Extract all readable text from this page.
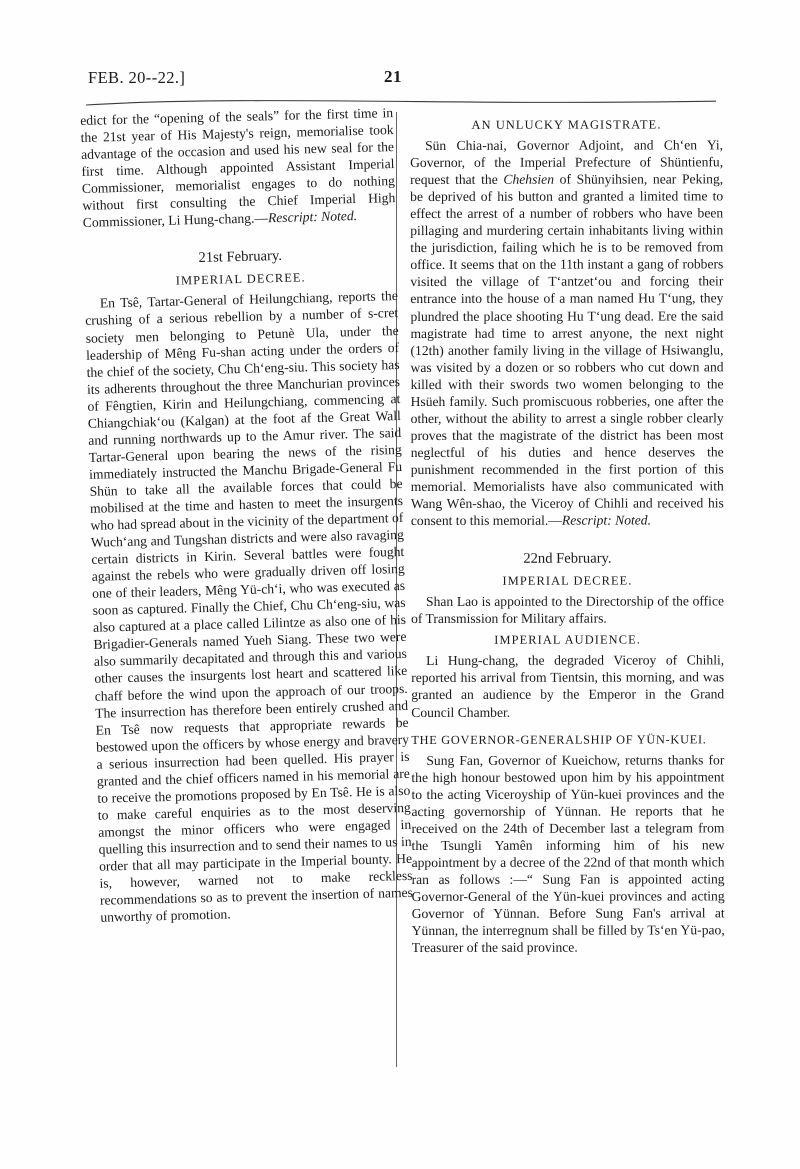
FEB. 20--22.]	21

edict for the “opening of the seals” for the first time in the 21st year of His Majesty's reign, memorialise took advantage of the occasion and used his new seal for the first time. Although appointed Assistant Imperial Commissioner, memorialist engages to do nothing without first consulting the Chief Imperial High Commissioner, Li Hung-chang.—Rescript: Noted.

21st February.

IMPERIAL DECREE.

En Tsê, Tartar-General of Heilungchiang, reports the crushing of a serious rebellion by a number of s-cret society men belonging to Petunè Ula, under the leadership of Mêng Fu-shan acting under the orders of the chief of the society, Chu Ch‘eng-siu. This society has its adherents throughout the three Manchurian provinces of Fêngtien, Kirin and Heilungchiang, commencing at Chiangchiak‘ou (Kalgan) at the foot af the Great Wall and running northwards up to the Amur river. The said Tartar-General upon bearing the news of the rising immediately instructed the Manchu Brigade-General Fu Shün to take all the available forces that could be mobilised at the time and hasten to meet the insurgents who had spread about in the vicinity of the department of Wuch‘ang and Tungshan districts and were also ravaging certain districts in Kirin. Several battles were fought against the rebels who were gradually driven off losing one of their leaders, Mêng Yü-ch‘i, who was executed as soon as captured. Finally the Chief, Chu Ch‘eng-siu, was also captured at a place called Lilintze as also one of his Brigadier-Generals named Yueh Siang. These two were also summarily decapitated and through this and various other causes the insurgents lost heart and scattered like chaff before the wind upon the approach of our troops. The insurrection has therefore been entirely crushed and En Tsê now requests that appropriate rewards be bestowed upon the officers by whose energy and bravery a serious insurrection had been quelled. His prayer is granted and the chief officers named in his memorial are to receive the promotions proposed by En Tsê. He is also to make careful enquiries as to the most deserving amongst the minor officers who were engaged in quelling this insurrection and to send their names to us in order that all may participate in the Imperial bounty. He is, however, warned not to make reckless recommendations so as to prevent the insertion of names unworthy of promotion.

AN UNLUCKY MAGISTRATE.

Sün Chia-nai, Governor Adjoint, and Ch‘en Yi, Governor, of the Imperial Prefecture of Shüntienfu, request that the Chehsien of Shünyihsien, near Peking, be deprived of his button and granted a limited time to effect the arrest of a number of robbers who have been pillaging and murdering certain inhabitants living within the jurisdiction, failing which he is to be removed from office. It seems that on the 11th instant a gang of robbers visited the village of T‘antzet‘ou and forcing their entrance into the house of a man named Hu T‘ung, they plundred the place shooting Hu T‘ung dead. Ere the said magistrate had time to arrest anyone, the next night (12th) another family living in the village of Hsiwanglu, was visited by a dozen or so robbers who cut down and killed with their swords two women belonging to the Hsüeh family. Such promiscuous robberies, one after the other, without the ability to arrest a single robber clearly proves that the magistrate of the district has been most neglectful of his duties and hence deserves the punishment recommended in the first portion of this memorial. Memorialists have also communicated with Wang Wên-shao, the Viceroy of Chihli and received his consent to this memorial.—Rescript: Noted.

22nd February.

IMPERIAL DECREE.

Shan Lao is appointed to the Directorship of the office of Transmission for Military affairs.

IMPERIAL AUDIENCE.

Li Hung-chang, the degraded Viceroy of Chihli, reported his arrival from Tientsin, this morning, and was granted an audience by the Emperor in the Grand Council Chamber.

THE GOVERNOR-GENERALSHIP OF YÜN-KUEI.

Sung Fan, Governor of Kueichow, returns thanks for the high honour bestowed upon him by his appointment to the acting Viceroyship of Yün-kuei provinces and the acting governorship of Yünnan. He reports that he received on the 24th of December last a telegram from the Tsungli Yamên informing him of his new appointment by a decree of the 22nd of that month which ran as follows :—“ Sung Fan is appointed acting Governor-General of the Yün-kuei provinces and acting Governor of Yünnan. Before Sung Fan's arrival at Yünnan, the interregnum shall be filled by Ts‘en Yü-pao, Treasurer of the said province.
